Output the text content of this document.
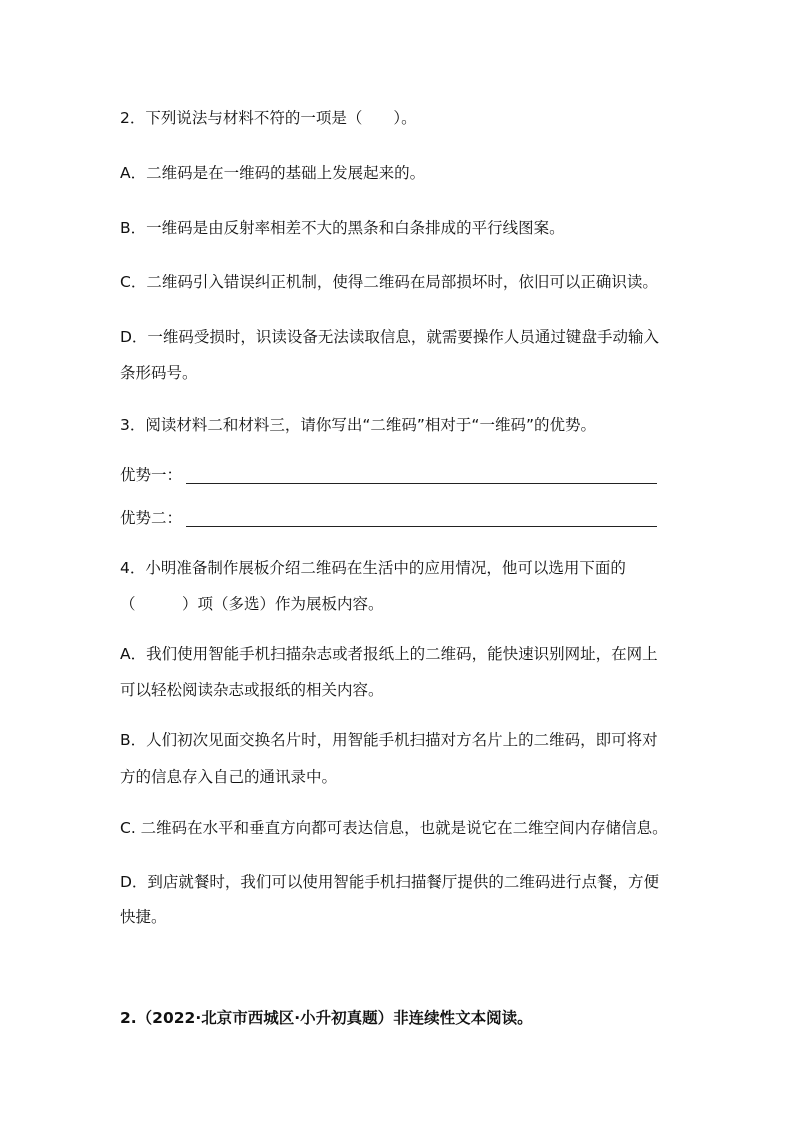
2．下列说法与材料不符的一项是（　　）。
A．二维码是在一维码的基础上发展起来的。
B．一维码是由反射率相差不大的黑条和白条排成的平行线图案。
C．二维码引入错误纠正机制，使得二维码在局部损坏时，依旧可以正确识读。
D．一维码受损时，识读设备无法读取信息，就需要操作人员通过键盘手动输入
条形码号。
3．阅读材料二和材料三，请你写出“二维码”相对于“一维码”的优势。
优势一：
优势二：
4．小明准备制作展板介绍二维码在生活中的应用情况，他可以选用下面的
（　　　）项（多选）作为展板内容。
A．我们使用智能手机扫描杂志或者报纸上的二维码，能快速识别网址，在网上
可以轻松阅读杂志或报纸的相关内容。
B．人们初次见面交换名片时，用智能手机扫描对方名片上的二维码，即可将对
方的信息存入自己的通讯录中。
C. 二维码在水平和垂直方向都可表达信息，也就是说它在二维空间内存储信息。
D．到店就餐时，我们可以使用智能手机扫描餐厅提供的二维码进行点餐，方便
快捷。
2.（2022·北京市西城区·小升初真题）非连续性文本阅读。
